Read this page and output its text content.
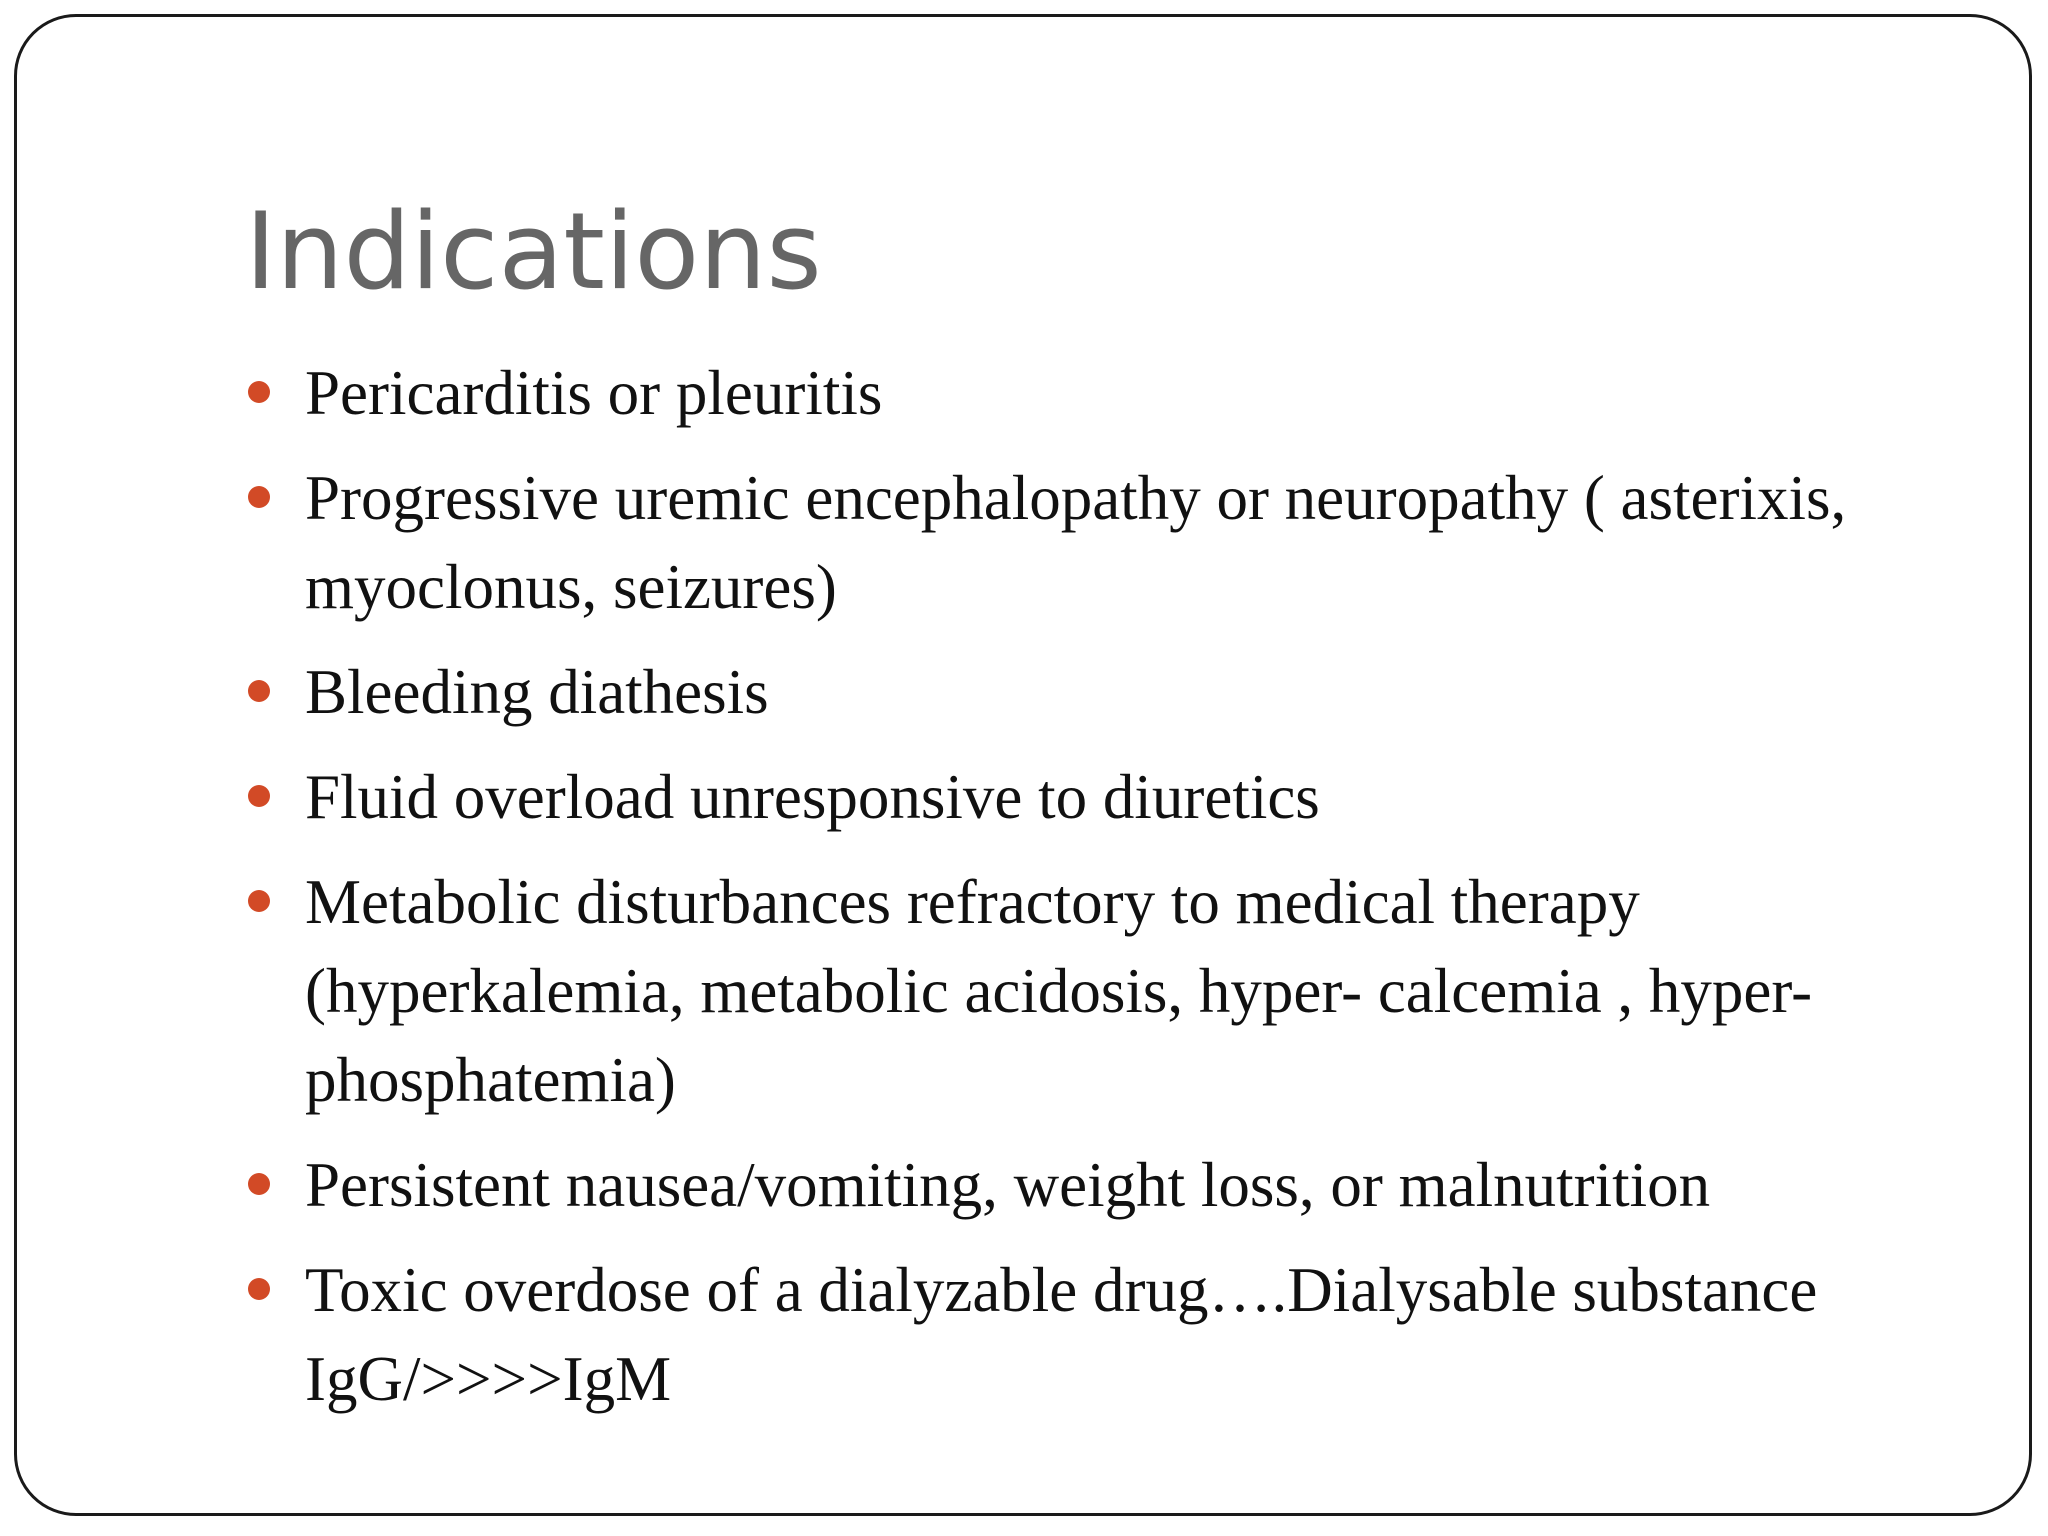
Indications
Pericarditis or pleuritis
Progressive uremic encephalopathy or neuropathy ( asterixis, myoclonus, seizures)
Bleeding diathesis
Fluid overload unresponsive to diuretics
Metabolic disturbances refractory to medical therapy (hyperkalemia, metabolic acidosis, hyper- calcemia , hyper-phosphatemia)
Persistent nausea/vomiting, weight loss, or malnutrition
Toxic overdose of a dialyzable drug….Dialysable substance IgG/>>>>IgM
